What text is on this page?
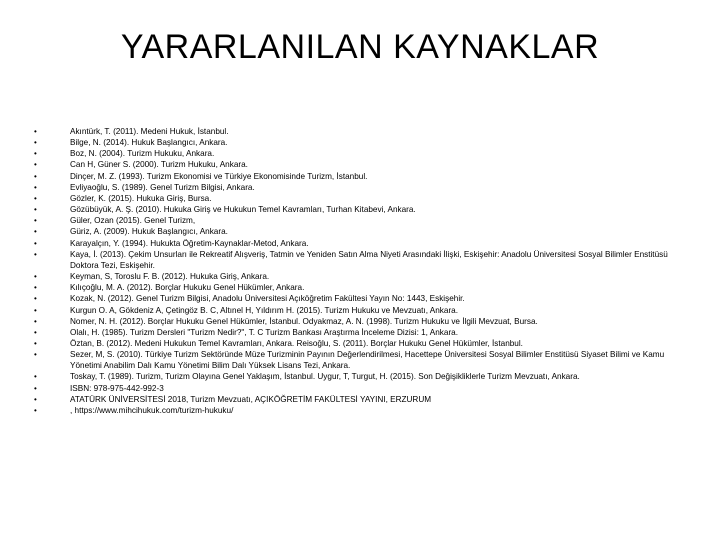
YARARLANILAN KAYNAKLAR
•	Akıntürk, T. (2011). Medeni Hukuk, İstanbul.
•	Bilge, N. (2014). Hukuk Başlangıcı, Ankara.
•	Boz, N. (2004). Turizm Hukuku, Ankara.
•	Can H, Güner S. (2000). Turizm Hukuku, Ankara.
•	Dinçer, M. Z. (1993). Turizm Ekonomisi ve Türkiye Ekonomisinde Turizm, İstanbul.
•	Evliyaoğlu, S. (1989). Genel Turizm Bilgisi, Ankara.
•	Gözler, K. (2015). Hukuka Giriş, Bursa.
•	Gözübüyük, A. Ş. (2010). Hukuka Giriş ve Hukukun Temel Kavramları, Turhan Kitabevi, Ankara.
•	Güler, Ozan (2015). Genel Turizm,
•	Güriz, A. (2009). Hukuk Başlangıcı, Ankara.
•	Karayalçın, Y. (1994). Hukukta Öğretim-Kaynaklar-Metod, Ankara.
•	Kaya, İ. (2013). Çekim Unsurları ile Rekreatif Alışveriş, Tatmin ve Yeniden Satın Alma Niyeti Arasındaki İlişki, Eskişehir: Anadolu Üniversitesi Sosyal Bilimler Enstitüsü Doktora Tezi, Eskişehir.
•	Keyman, S, Toroslu F. B. (2012). Hukuka Giriş, Ankara.
•	Kılıçoğlu, M. A. (2012). Borçlar Hukuku Genel Hükümler, Ankara.
•	Kozak, N. (2012). Genel Turizm Bilgisi, Anadolu Üniversitesi Açıköğretim Fakültesi Yayın No: 1443, Eskişehir.
•	Kurgun O. A, Gökdeniz A, Çetingöz B. C, Altınel H, Yıldırım H. (2015). Turizm Hukuku ve Mevzuatı, Ankara.
•	Nomer, N. H. (2012). Borçlar Hukuku Genel Hükümler, İstanbul. Odyakmaz, A. N. (1998). Turizm Hukuku ve İlgili Mevzuat, Bursa.
•	Olalı, H. (1985). Turizm Dersleri "Turizm Nedir?", T. C Turizm Bankası Araştırma İnceleme Dizisi: 1, Ankara.
•	Öztan, B. (2012). Medeni Hukukun Temel Kavramları, Ankara. Reisoğlu, S. (2011). Borçlar Hukuku Genel Hükümler, İstanbul.
•	Sezer, M, S. (2010). Türkiye Turizm Sektöründe Müze Turizminin Payının Değerlendirilmesi, Hacettepe Üniversitesi Sosyal Bilimler Enstitüsü Siyaset Bilimi ve Kamu Yönetimi Anabilim Dalı Kamu Yönetimi Bilim Dalı Yüksek Lisans Tezi, Ankara.
•	Toskay, T. (1989). Turizm, Turizm Olayına Genel Yaklaşım, İstanbul. Uygur, T, Turgut, H. (2015). Son Değişikliklerle Turizm Mevzuatı, Ankara.
•	ISBN: 978-975-442-992-3
•	ATATÜRK ÜNİVERSİTESİ 2018, Turizm Mevzuatı, AÇIKÖĞRETİM FAKÜLTESİ YAYINI, ERZURUM
•	, https://www.mihcihukuk.com/turizm-hukuku/
